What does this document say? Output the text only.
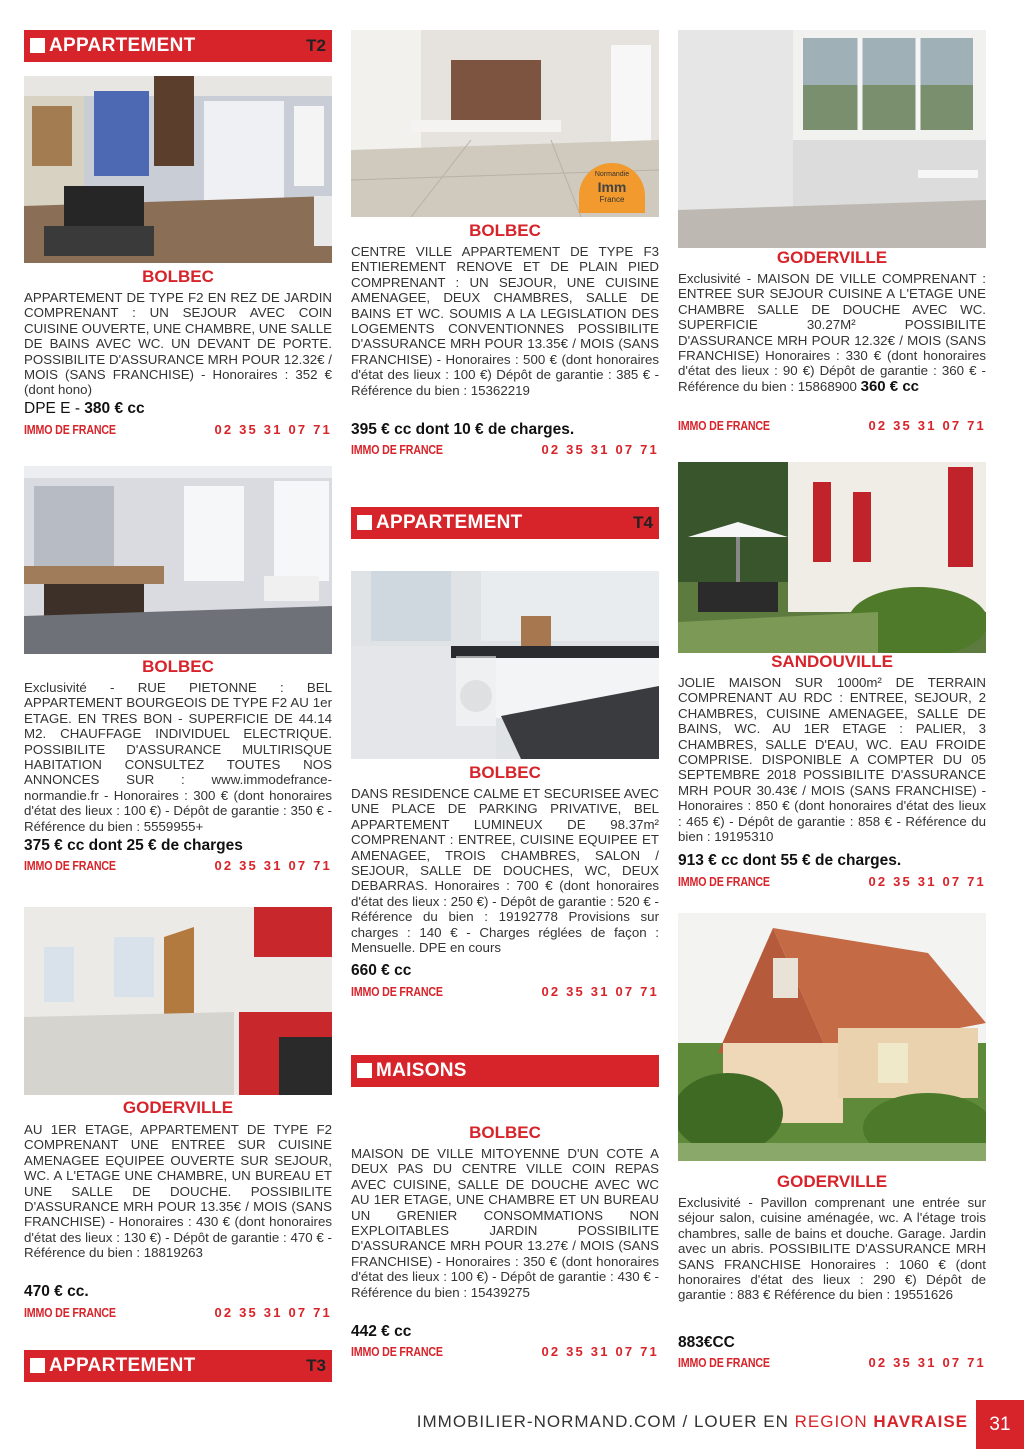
APPARTEMENT	T2
BOLBEC
APPARTEMENT DE TYPE F2 EN REZ DE JARDIN COMPRENANT : UN SEJOUR AVEC COIN CUISINE OUVERTE, UNE CHAMBRE, UNE SALLE DE BAINS AVEC WC. UN DEVANT DE PORTE. POSSIBILITE D'ASSURANCE MRH POUR 12.32€ / MOIS (SANS FRANCHISE) - Honoraires : 352 € (dont hono)
DPE E - 380 € cc
IMMO DE FRANCE	02 35 31 07 71
BOLBEC
Exclusivité - RUE PIETONNE : BEL APPARTEMENT BOURGEOIS DE TYPE F2 AU 1er ETAGE. EN TRES BON - SUPERFICIE DE 44.14 M2. CHAUFFAGE INDIVIDUEL ELECTRIQUE. POSSIBILITE D'ASSURANCE MULTIRISQUE HABITATION CONSULTEZ TOUTES NOS ANNONCES SUR : www.immodefrance-normandie.fr - Honoraires : 300 € (dont honoraires d'état des lieux : 100 €) - Dépôt de garantie : 350 € - Référence du bien : 5559955+
375 € cc dont 25 € de charges
IMMO DE FRANCE	02 35 31 07 71
GODERVILLE
AU 1ER ETAGE, APPARTEMENT DE TYPE F2 COMPRENANT UNE ENTREE SUR CUISINE AMENAGEE EQUIPEE OUVERTE SUR SEJOUR, WC. A L'ETAGE UNE CHAMBRE, UN BUREAU ET UNE SALLE DE DOUCHE. POSSIBILITE D'ASSURANCE MRH POUR 13.35€ / MOIS (SANS FRANCHISE) - Honoraires : 430 € (dont honoraires d'état des lieux : 130 €) - Dépôt de garantie : 470 € - Référence du bien : 18819263
470 € cc.
IMMO DE FRANCE	02 35 31 07 71
APPARTEMENT	T3
Normandie
Imm
France
BOLBEC
CENTRE VILLE APPARTEMENT DE TYPE F3 ENTIEREMENT RENOVE ET DE PLAIN PIED COMPRENANT : UN SEJOUR, UNE CUISINE AMENAGEE, DEUX CHAMBRES, SALLE DE BAINS ET WC. SOUMIS A LA LEGISLATION DES LOGEMENTS CONVENTIONNES POSSIBILITE D'ASSURANCE MRH POUR 13.35€ / MOIS (SANS FRANCHISE) - Honoraires : 500 € (dont honoraires d'état des lieux : 100 €) Dépôt de garantie : 385 € - Référence du bien : 15362219
395 € cc dont 10 € de charges.
IMMO DE FRANCE	02 35 31 07 71
APPARTEMENT	T4
BOLBEC
DANS RESIDENCE CALME ET SECURISEE AVEC UNE PLACE DE PARKING PRIVATIVE, BEL APPARTEMENT LUMINEUX DE 98.37m² COMPRENANT : ENTREE, CUISINE EQUIPEE ET AMENAGEE, TROIS CHAMBRES, SALON / SEJOUR, SALLE DE DOUCHES, WC, DEUX DEBARRAS. Honoraires : 700 € (dont honoraires d'état des lieux : 250 €) - Dépôt de garantie : 520 € - Référence du bien : 19192778 Provisions sur charges : 140 € - Charges réglées de façon : Mensuelle. DPE en cours
660 € cc
IMMO DE FRANCE	02 35 31 07 71
MAISONS
BOLBEC
MAISON DE VILLE MITOYENNE D'UN COTE A DEUX PAS DU CENTRE VILLE COIN REPAS AVEC CUISINE, SALLE DE DOUCHE AVEC WC AU 1ER ETAGE, UNE CHAMBRE ET UN BUREAU UN GRENIER CONSOMMATIONS NON EXPLOITABLES JARDIN POSSIBILITE D'ASSURANCE MRH POUR 13.27€ / MOIS (SANS FRANCHISE) - Honoraires : 350 € (dont honoraires d'état des lieux : 100 €) - Dépôt de garantie : 430 € - Référence du bien : 15439275
442 € cc
IMMO DE FRANCE	02 35 31 07 71
GODERVILLE
Exclusivité - MAISON DE VILLE COMPRENANT : ENTREE SUR SEJOUR CUISINE A L'ETAGE UNE CHAMBRE SALLE DE DOUCHE AVEC WC. SUPERFICIE 30.27M² POSSIBILITE D'ASSURANCE MRH POUR 12.32€ / MOIS (SANS FRANCHISE) Honoraires : 330 € (dont honoraires d'état des lieux : 90 €) Dépôt de garantie : 360 € - Référence du bien : 15868900 360 € cc
IMMO DE FRANCE	02 35 31 07 71
SANDOUVILLE
JOLIE MAISON SUR 1000m² DE TERRAIN COMPRENANT AU RDC : ENTREE, SEJOUR, 2 CHAMBRES, CUISINE AMENAGEE, SALLE DE BAINS, WC. AU 1ER ETAGE : PALIER, 3 CHAMBRES, SALLE D'EAU, WC. EAU FROIDE COMPRISE. DISPONIBLE A COMPTER DU 05 SEPTEMBRE 2018 POSSIBILITE D'ASSURANCE MRH POUR 30.43€ / MOIS (SANS FRANCHISE) - Honoraires : 850 € (dont honoraires d'état des lieux : 465 €) - Dépôt de garantie : 858 € - Référence du bien : 19195310
913 € cc dont 55 € de charges.
IMMO DE FRANCE	02 35 31 07 71
GODERVILLE
Exclusivité - Pavillon comprenant une entrée sur séjour salon, cuisine aménagée, wc. A l'étage trois chambres, salle de bains et douche. Garage. Jardin avec un abris. POSSIBILITE D'ASSURANCE MRH SANS FRANCHISE Honoraires : 1060 € (dont honoraires d'état des lieux : 290 €) Dépôt de garantie : 883 € Référence du bien : 19551626
883€CC
IMMO DE FRANCE	02 35 31 07 71
IMMOBILIER-NORMAND.COM / LOUER EN REGION HAVRAISE	31
